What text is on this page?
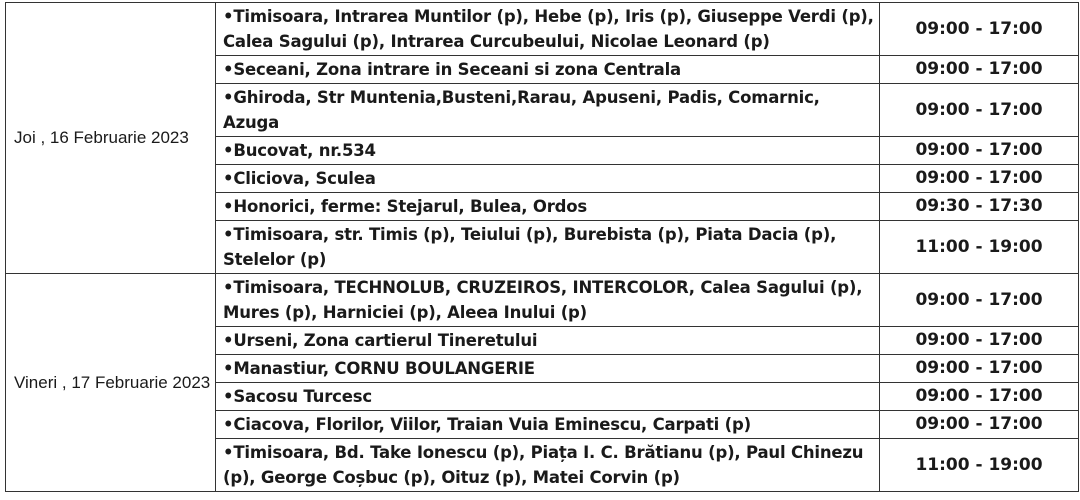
Joi , 16 Februarie 2023	•Timisoara, Intrarea Muntilor (p), Hebe (p), Iris (p), Giuseppe Verdi (p), Calea Sagului (p), Intrarea Curcubeului, Nicolae Leonard (p)	09:00 - 17:00
	•Seceani, Zona intrare in Seceani si zona Centrala	09:00 - 17:00
	•Ghiroda, Str Muntenia,Busteni,Rarau, Apuseni, Padis, Comarnic, Azuga	09:00 - 17:00
	•Bucovat, nr.534	09:00 - 17:00
	•Cliciova, Sculea	09:00 - 17:00
	•Honorici, ferme: Stejarul, Bulea, Ordos	09:30 - 17:30
	•Timisoara, str. Timis (p), Teiului (p), Burebista (p), Piata Dacia (p), Stelelor (p)	11:00 - 19:00
Vineri , 17 Februarie 2023	•Timisoara, TECHNOLUB, CRUZEIROS, INTERCOLOR, Calea Sagului (p), Mures (p), Harniciei (p), Aleea Inului (p)	09:00 - 17:00
	•Urseni, Zona cartierul Tineretului	09:00 - 17:00
	•Manastiur, CORNU BOULANGERIE	09:00 - 17:00
	•Sacosu Turcesc	09:00 - 17:00
	•Ciacova, Florilor, Viilor, Traian Vuia Eminescu, Carpati (p)	09:00 - 17:00
	•Timisoara, Bd. Take Ionescu (p), Piața I. C. Brătianu (p), Paul Chinezu (p), George Coșbuc (p), Oituz (p), Matei Corvin (p)	11:00 - 19:00
